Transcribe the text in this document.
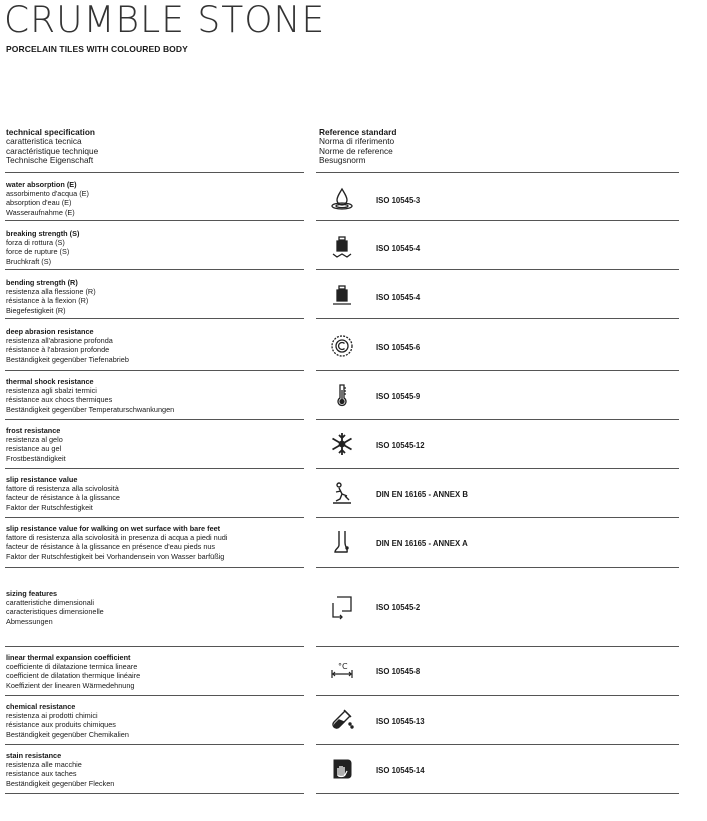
CRUMBLE STONE
PORCELAIN TILES WITH COLOURED BODY
technical specification
caratteristica tecnica
caractéristique technique
Technische Eigenschaft
Reference standard
Norma di riferimento
Norme de reference
Besugsnorm
water absorption (E)
assorbimento d'acqua (E)
absorption d'eau (E)
Wasseraufnahme (E)
ISO 10545-3
breaking strength (S)
forza di rottura (S)
force de rupture (S)
Bruchkraft (S)
ISO 10545-4
bending strength (R)
resistenza alla flessione (R)
résistance à la flexion (R)
Biegefestigkeit (R)
ISO 10545-4
deep abrasion resistance
resistenza all'abrasione profonda
résistance à l'abrasion profonde
Beständigkeit gegenüber Tiefenabrieb
ISO 10545-6
thermal shock resistance
resistenza agli sbalzi termici
résistance aux chocs thermiques
Beständigkeit gegenüber Temperaturschwankungen
ISO 10545-9
frost resistance
resistenza al gelo
resistance au gel
Frostbeständigkeit
ISO 10545-12
slip resistance value
fattore di resistenza alla scivolosità
facteur de résistance à la glissance
Faktor der Rutschfestigkeit
DIN EN 16165 - ANNEX B
slip resistance value for walking on wet surface with bare feet
fattore di resistenza alla scivolosità in presenza di acqua a piedi nudi
facteur de résistance à la glissance en présence d'eau pieds nus
Faktor der Rutschfestigkeit bei Vorhandensein von Wasser barfüßig
DIN EN 16165 - ANNEX A
sizing features
caratteristiche dimensionali
caracteristiques dimensionelle
Abmessungen
ISO 10545-2
linear thermal expansion coefficient
coefficiente di dilatazione termica lineare
coefficient de dilatation thermique linéaire
Koeffizient der linearen Wärmedehnung
°C
ISO 10545-8
chemical resistance
resistenza ai prodotti chimici
résistance aux produits chimiques
Beständigkeit gegenüber Chemikalien
ISO 10545-13
stain resistance
resistenza alle macchie
resistance aux taches
Beständigkeit gegenüber Flecken
ISO 10545-14
